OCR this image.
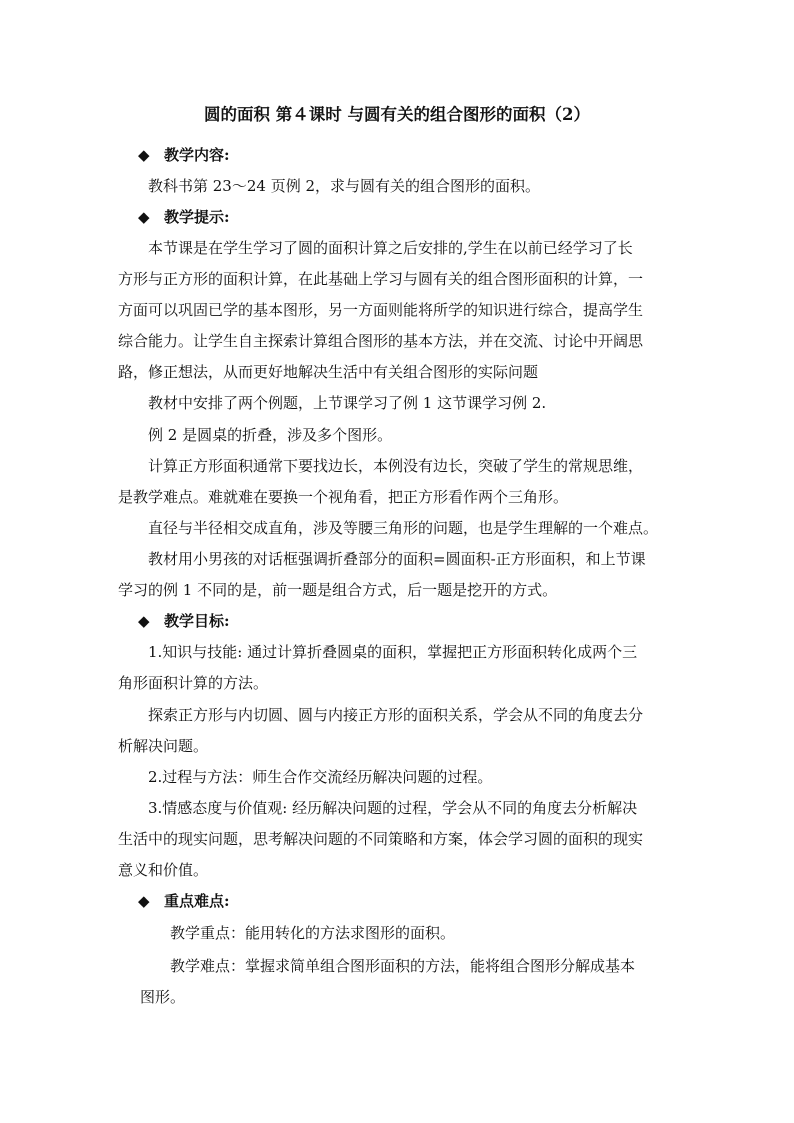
圆的面积 第４课时 与圆有关的组合图形的面积（2）
◆ 教学内容:
教科书第 23～24 页例 2，求与圆有关的组合图形的面积。
◆ 教学提示:
本节课是在学生学习了圆的面积计算之后安排的,学生在以前已经学习了长
方形与正方形的面积计算，在此基础上学习与圆有关的组合图形面积的计算，一
方面可以巩固已学的基本图形，另一方面则能将所学的知识进行综合，提高学生
综合能力。让学生自主探索计算组合图形的基本方法，并在交流、讨论中开阔思
路，修正想法，从而更好地解决生活中有关组合图形的实际问题
教材中安排了两个例题，上节课学习了例 1 这节课学习例 2.
例 2 是圆桌的折叠，涉及多个图形。
计算正方形面积通常下要找边长，本例没有边长，突破了学生的常规思维，
是教学难点。难就难在要换一个视角看，把正方形看作两个三角形。
直径与半径相交成直角，涉及等腰三角形的问题，也是学生理解的一个难点。
教材用小男孩的对话框强调折叠部分的面积=圆面积-正方形面积，和上节课
学习的例 1 不同的是，前一题是组合方式，后一题是挖开的方式。
◆ 教学目标:
1.知识与技能: 通过计算折叠圆桌的面积，掌握把正方形面积转化成两个三
角形面积计算的方法。
探索正方形与内切圆、圆与内接正方形的面积关系，学会从不同的角度去分
析解决问题。
2.过程与方法：师生合作交流经历解决问题的过程。
3.情感态度与价值观: 经历解决问题的过程，学会从不同的角度去分析解决
生活中的现实问题，思考解决问题的不同策略和方案，体会学习圆的面积的现实
意义和价值。
◆ 重点难点:
教学重点：能用转化的方法求图形的面积。
教学难点：掌握求简单组合图形面积的方法，能将组合图形分解成基本
图形。
